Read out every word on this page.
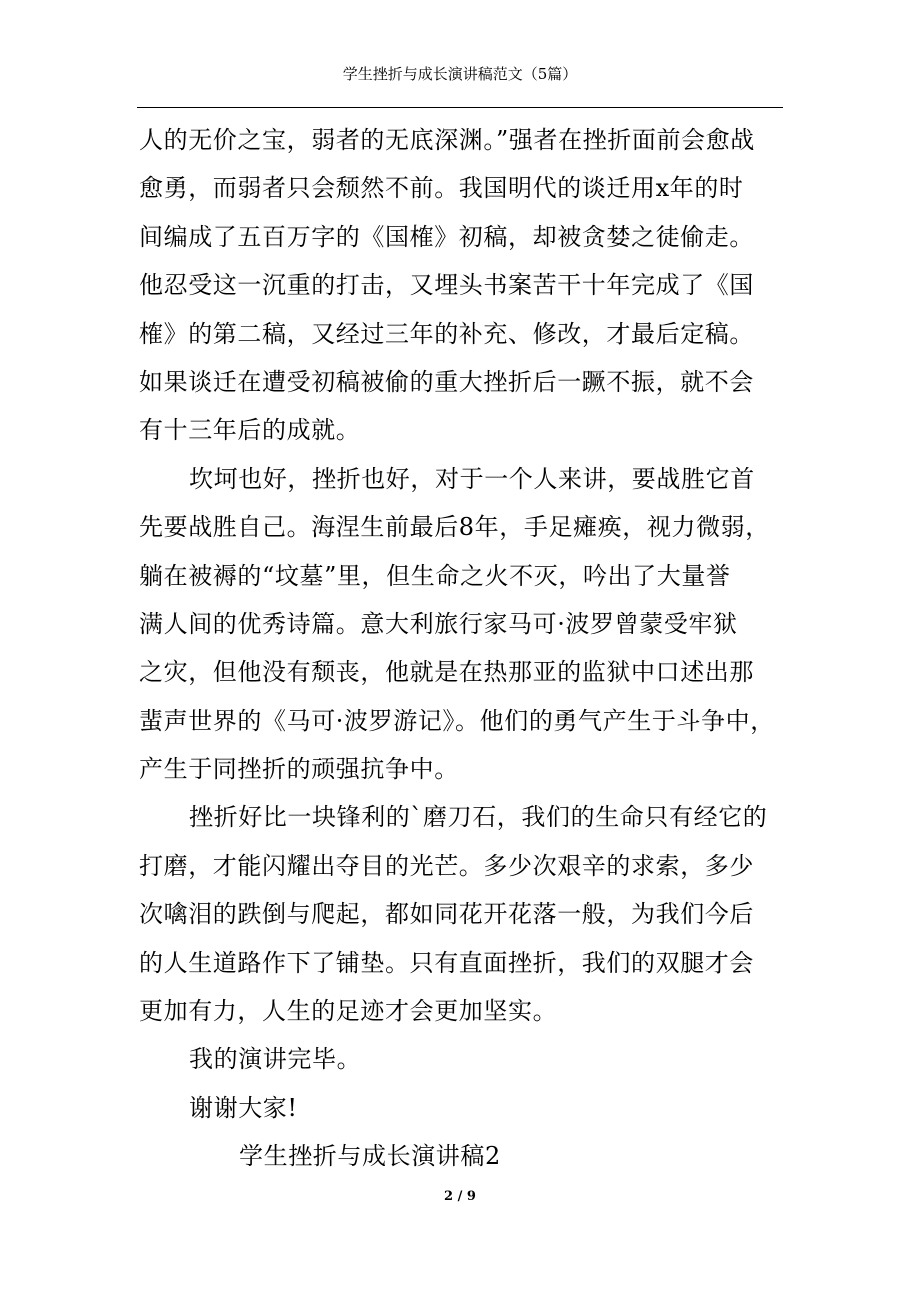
学生挫折与成长演讲稿范文（5篇）
人的无价之宝，弱者的无底深渊。”强者在挫折面前会愈战
愈勇，而弱者只会颓然不前。我国明代的谈迁用x年的时
间编成了五百万字的《国榷》初稿，却被贪婪之徒偷走。
他忍受这一沉重的打击，又埋头书案苦干十年完成了《国
榷》的第二稿，又经过三年的补充、修改，才最后定稿。
如果谈迁在遭受初稿被偷的重大挫折后一蹶不振，就不会
有十三年后的成就。
坎坷也好，挫折也好，对于一个人来讲，要战胜它首
先要战胜自己。海涅生前最后8年，手足瘫痪，视力微弱，
躺在被褥的“坟墓”里，但生命之火不灭，吟出了大量誉
满人间的优秀诗篇。意大利旅行家马可·波罗曾蒙受牢狱
之灾，但他没有颓丧，他就是在热那亚的监狱中口述出那
蜚声世界的《马可·波罗游记》。他们的勇气产生于斗争中，
产生于同挫折的顽强抗争中。
挫折好比一块锋利的`磨刀石，我们的生命只有经它的
打磨，才能闪耀出夺目的光芒。多少次艰辛的求索，多少
次噙泪的跌倒与爬起，都如同花开花落一般，为我们今后
的人生道路作下了铺垫。只有直面挫折，我们的双腿才会
更加有力，人生的足迹才会更加坚实。
我的演讲完毕。
谢谢大家!
学生挫折与成长演讲稿2
2 / 9
